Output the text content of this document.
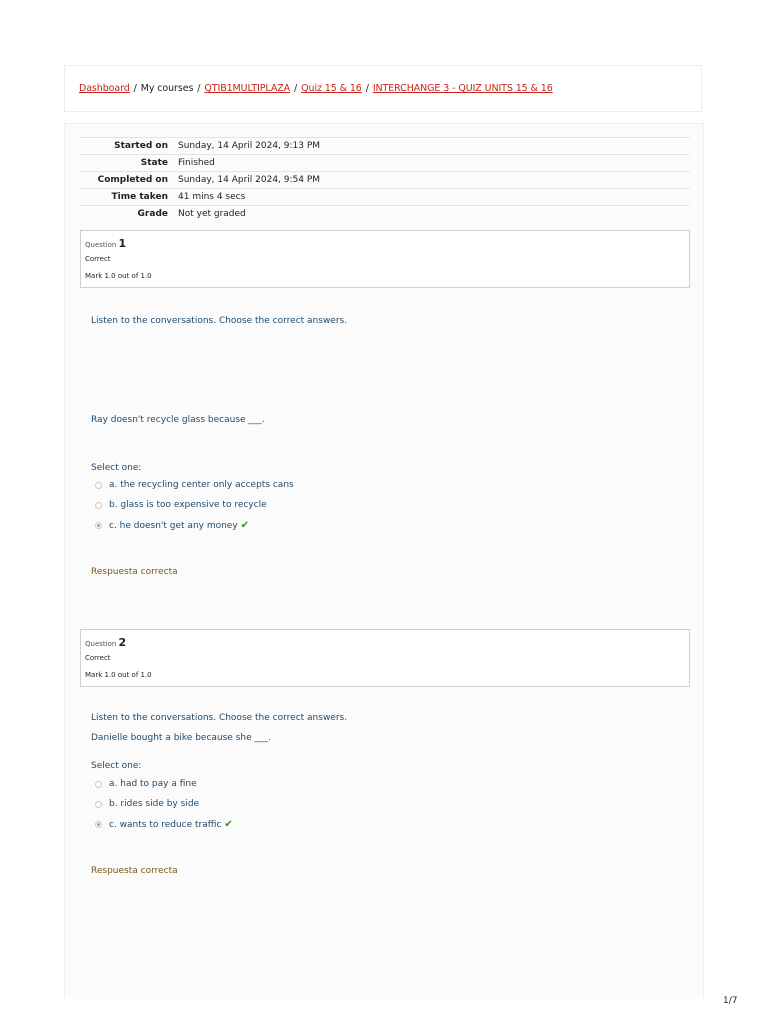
Dashboard / My courses / QTIB1MULTIPLAZA / Quiz 15 & 16 / INTERCHANGE 3 - QUIZ UNITS 15 & 16
Started on	Sunday, 14 April 2024, 9:13 PM
State	Finished
Completed on	Sunday, 14 April 2024, 9:54 PM
Time taken	41 mins 4 secs
Grade	Not yet graded
Question 1
Correct
Mark 1.0 out of 1.0
Listen to the conversations. Choose the correct answers.
Ray doesn't recycle glass because ___.
Select one:
a. the recycling center only accepts cans
b. glass is too expensive to recycle
c. he doesn't get any money ✔
Respuesta correcta
Question 2
Correct
Mark 1.0 out of 1.0
Listen to the conversations. Choose the correct answers.
Danielle bought a bike because she ___.
Select one:
a. had to pay a fine
b. rides side by side
c. wants to reduce traffic ✔
Respuesta correcta
1/7
